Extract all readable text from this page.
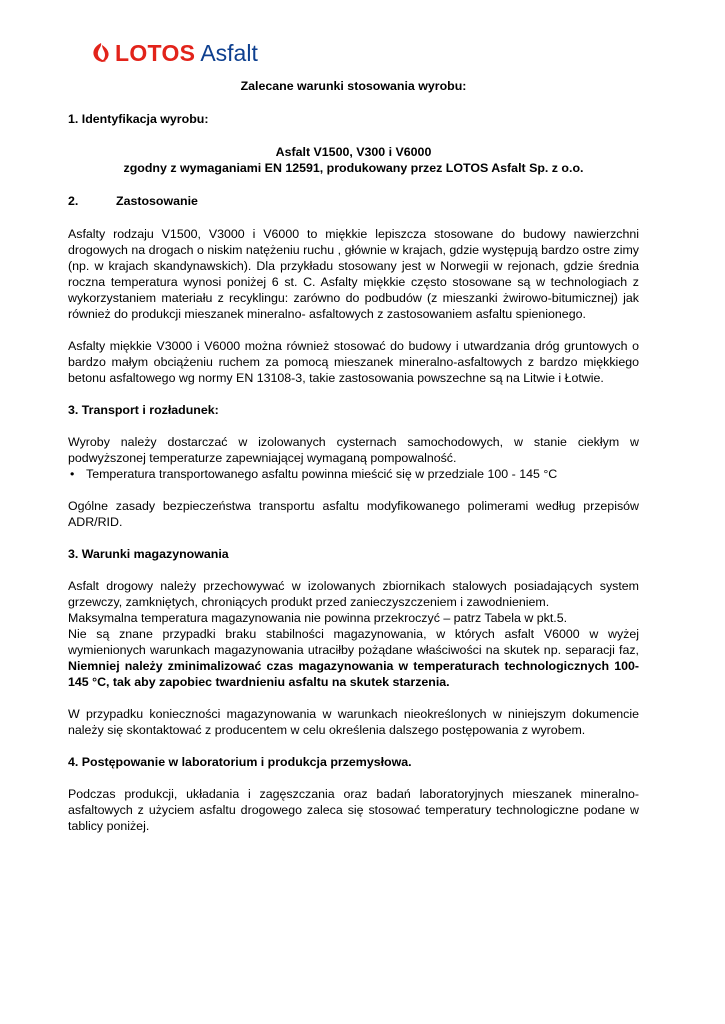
LOTOS Asfalt

Zalecane warunki stosowania wyrobu:

1. Identyfikacja wyrobu:

Asfalt V1500, V300 i V6000

zgodny z wymaganiami EN 12591, produkowany przez LOTOS Asfalt Sp. z o.o.

2.	Zastosowanie

Asfalty rodzaju V1500, V3000 i V6000 to miękkie lepiszcza stosowane do budowy nawierzchni drogowych na drogach o niskim natężeniu ruchu , głównie w krajach, gdzie występują bardzo ostre zimy (np. w krajach skandynawskich). Dla przykładu stosowany jest w Norwegii w rejonach, gdzie średnia roczna temperatura wynosi poniżej 6 st. C. Asfalty miękkie często stosowane są w technologiach z wykorzystaniem materiału z recyklingu: zarówno do podbudów (z mieszanki żwirowo-bitumicznej) jak również do produkcji mieszanek mineralno- asfaltowych z zastosowaniem asfaltu spienionego.

Asfalty miękkie V3000 i V6000 można również stosować do budowy i utwardzania dróg gruntowych o bardzo małym obciążeniu ruchem za pomocą mieszanek mineralno-asfaltowych z bardzo miękkiego betonu asfaltowego wg normy EN 13108-3, takie zastosowania powszechne są na Litwie i Łotwie.

3. Transport i rozładunek:

Wyroby należy dostarczać w izolowanych cysternach samochodowych, w stanie ciekłym w podwyższonej temperaturze zapewniającej wymaganą pompowalność.

• Temperatura transportowanego asfaltu powinna mieścić się w przedziale 100 - 145 °C

Ogólne zasady bezpieczeństwa transportu asfaltu modyfikowanego polimerami według przepisów ADR/RID.

3. Warunki magazynowania

Asfalt drogowy należy przechowywać w izolowanych zbiornikach stalowych posiadających system grzewczy, zamkniętych, chroniących produkt przed zanieczyszczeniem i zawodnieniem.

Maksymalna temperatura magazynowania nie powinna przekroczyć – patrz Tabela w pkt.5.

Nie są znane przypadki braku stabilności magazynowania, w których asfalt V6000 w wyżej wymienionych warunkach magazynowania utraciłby pożądane właściwości na skutek np. separacji faz, Niemniej należy zminimalizować czas magazynowania w temperaturach technologicznych 100-145 °C, tak aby zapobiec twardnieniu asfaltu na skutek starzenia.

W przypadku konieczności magazynowania w warunkach nieokreślonych w niniejszym dokumencie należy się skontaktować z producentem w celu określenia dalszego postępowania z wyrobem.

4. Postępowanie w laboratorium i produkcja przemysłowa.

Podczas produkcji, układania i zagęszczania oraz badań laboratoryjnych mieszanek mineralno-asfaltowych z użyciem asfaltu drogowego zaleca się stosować temperatury technologiczne podane w tablicy poniżej.
